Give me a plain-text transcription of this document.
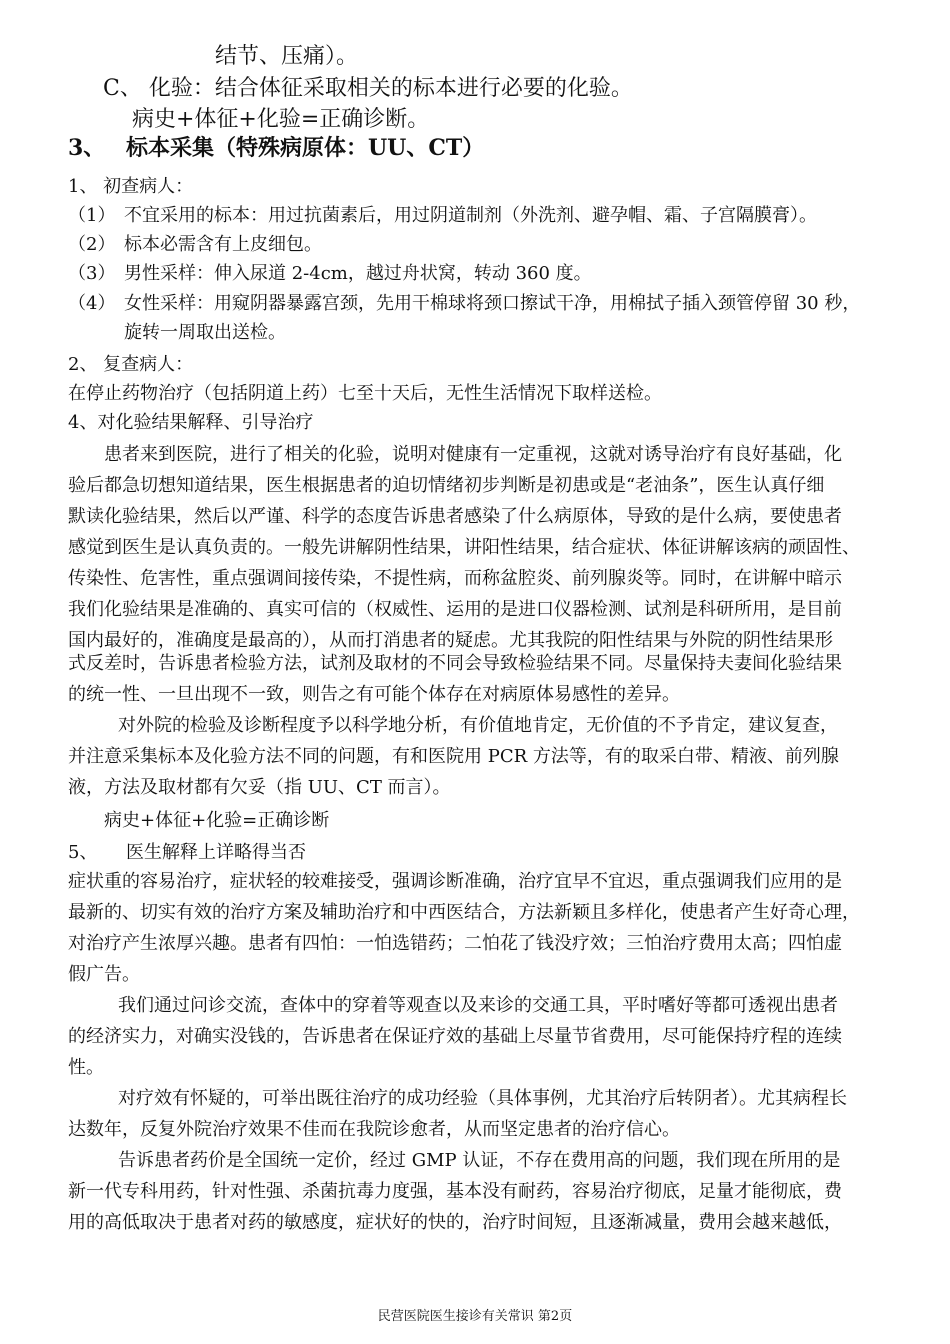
结节、压痛）。
C、 化验：结合体征采取相关的标本进行必要的化验。
病史+体征+化验=正确诊断。
3、 标本采集（特殊病原体：UU、CT）
1、 初查病人：
（1） 不宜采用的标本：用过抗菌素后，用过阴道制剂（外洗剂、避孕帽、霜、子宫隔膜膏）。
（2） 标本必需含有上皮细包。
（3） 男性采样：伸入尿道 2-4cm，越过舟状窝，转动 360 度。
（4） 女性采样：用窥阴器暴露宫颈，先用干棉球将颈口擦试干净，用棉拭子插入颈管停留 30 秒，
旋转一周取出送检。
2、 复查病人：
在停止药物治疗（包括阴道上药）七至十天后，无性生活情况下取样送检。
4、对化验结果解释、引导治疗
患者来到医院，进行了相关的化验，说明对健康有一定重视，这就对诱导治疗有良好基础，化
验后都急切想知道结果，医生根据患者的迫切情绪初步判断是初患或是“老油条”，医生认真仔细
默读化验结果，然后以严谨、科学的态度告诉患者感染了什么病原体，导致的是什么病，要使患者
感觉到医生是认真负责的。一般先讲解阴性结果，讲阳性结果，结合症状、体征讲解该病的顽固性、
传染性、危害性，重点强调间接传染，不提性病，而称盆腔炎、前列腺炎等。同时，在讲解中暗示
我们化验结果是准确的、真实可信的（权威性、运用的是进口仪器检测、试剂是科研所用，是目前
国内最好的，准确度是最高的），从而打消患者的疑虑。尤其我院的阳性结果与外院的阴性结果形
式反差时，告诉患者检验方法，试剂及取材的不同会导致检验结果不同。尽量保持夫妻间化验结果
的统一性、一旦出现不一致，则告之有可能个体存在对病原体易感性的差异。
对外院的检验及诊断程度予以科学地分析，有价值地肯定，无价值的不予肯定，建议复查，
并注意采集标本及化验方法不同的问题，有和医院用 PCR 方法等，有的取采白带、精液、前列腺
液，方法及取材都有欠妥（指 UU、CT 而言）。
病史+体征+化验=正确诊断
5、 医生解释上详略得当否
症状重的容易治疗，症状轻的较难接受，强调诊断准确，治疗宜早不宜迟，重点强调我们应用的是
最新的、切实有效的治疗方案及辅助治疗和中西医结合，方法新颖且多样化，使患者产生好奇心理，
对治疗产生浓厚兴趣。患者有四怕：一怕选错药；二怕花了钱没疗效；三怕治疗费用太高；四怕虚
假广告。
我们通过问诊交流，查体中的穿着等观查以及来诊的交通工具，平时嗜好等都可透视出患者
的经济实力，对确实没钱的，告诉患者在保证疗效的基础上尽量节省费用，尽可能保持疗程的连续
性。
对疗效有怀疑的，可举出既往治疗的成功经验（具体事例，尤其治疗后转阴者）。尤其病程长
达数年，反复外院治疗效果不佳而在我院诊愈者，从而坚定患者的治疗信心。
告诉患者药价是全国统一定价，经过 GMP 认证，不存在费用高的问题，我们现在所用的是
新一代专科用药，针对性强、杀菌抗毒力度强，基本没有耐药，容易治疗彻底，足量才能彻底，费
用的高低取决于患者对药的敏感度，症状好的快的，治疗时间短，且逐渐减量，费用会越来越低，
民营医院医生接诊有关常识 第2页
